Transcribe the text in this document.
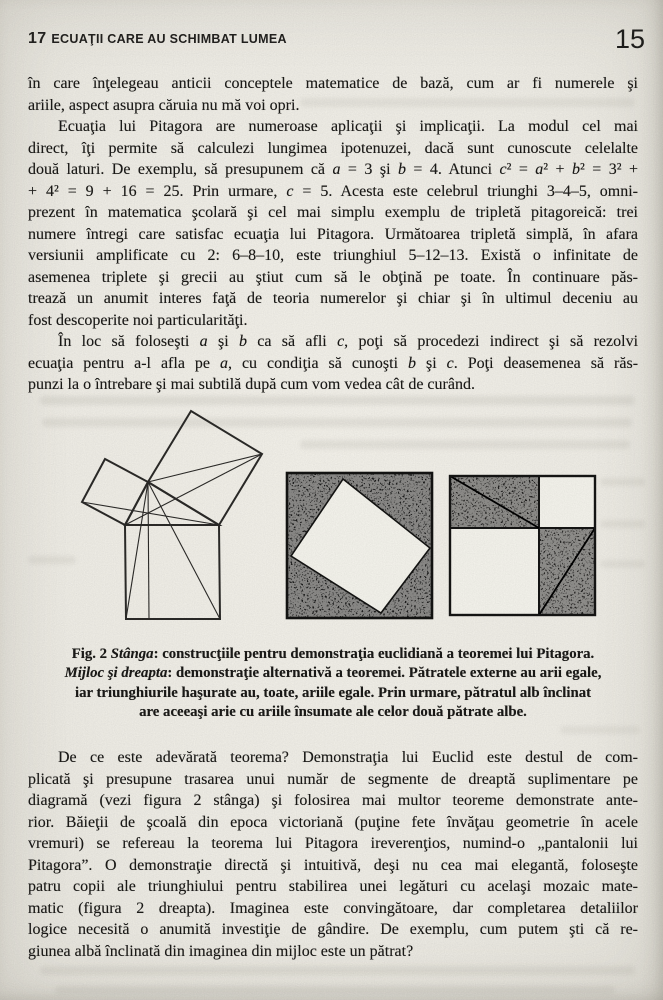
17 ECUAŢII CARE AU SCHIMBAT LUMEA	15
în care înţelegeau anticii conceptele matematice de bază, cum ar fi numerele şi
ariile, aspect asupra căruia nu mă voi opri.
Ecuaţia lui Pitagora are numeroase aplicaţii şi implicaţii. La modul cel mai
direct, îţi permite să calculezi lungimea ipotenuzei, dacă sunt cunoscute celelalte
două laturi. De exemplu, să presupunem că a = 3 şi b = 4. Atunci c² = a² + b² = 3² +
+ 4² = 9 + 16 = 25. Prin urmare, c = 5. Acesta este celebrul triunghi 3–4–5, omni-
prezent în matematica şcolară şi cel mai simplu exemplu de tripletă pitagoreică: trei
numere întregi care satisfac ecuaţia lui Pitagora. Următoarea tripletă simplă, în afara
versiunii amplificate cu 2: 6–8–10, este triunghiul 5–12–13. Există o infinitate de
asemenea triplete şi grecii au ştiut cum să le obţină pe toate. În continuare păs-
trează un anumit interes faţă de teoria numerelor şi chiar şi în ultimul deceniu au
fost descoperite noi particularităţi.
În loc să foloseşti a şi b ca să afli c, poţi să procedezi indirect şi să rezolvi
ecuaţia pentru a-l afla pe a, cu condiţia să cunoşti b şi c. Poţi deasemenea să răs-
punzi la o întrebare şi mai subtilă după cum vom vedea cât de curând.
Fig. 2 Stânga: construcţiile pentru demonstraţia euclidiană a teoremei lui Pitagora.
Mijloc şi dreapta: demonstraţie alternativă a teoremei. Pătratele externe au arii egale,
iar triunghiurile haşurate au, toate, ariile egale. Prin urmare, pătratul alb înclinat
are aceeaşi arie cu ariile însumate ale celor două pătrate albe.
De ce este adevărată teorema? Demonstraţia lui Euclid este destul de com-
plicată şi presupune trasarea unui număr de segmente de dreaptă suplimentare pe
diagramă (vezi figura 2 stânga) şi folosirea mai multor teoreme demonstrate ante-
rior. Băieţii de şcoală din epoca victoriană (puţine fete învăţau geometrie în acele
vremuri) se refereau la teorema lui Pitagora ireverenţios, numind-o „pantalonii lui
Pitagora”. O demonstraţie directă şi intuitivă, deşi nu cea mai elegantă, foloseşte
patru copii ale triunghiului pentru stabilirea unei legături cu acelaşi mozaic mate-
matic (figura 2 dreapta). Imaginea este convingătoare, dar completarea detaliilor
logice necesită o anumită investiţie de gândire. De exemplu, cum putem şti că re-
giunea albă înclinată din imaginea din mijloc este un pătrat?
